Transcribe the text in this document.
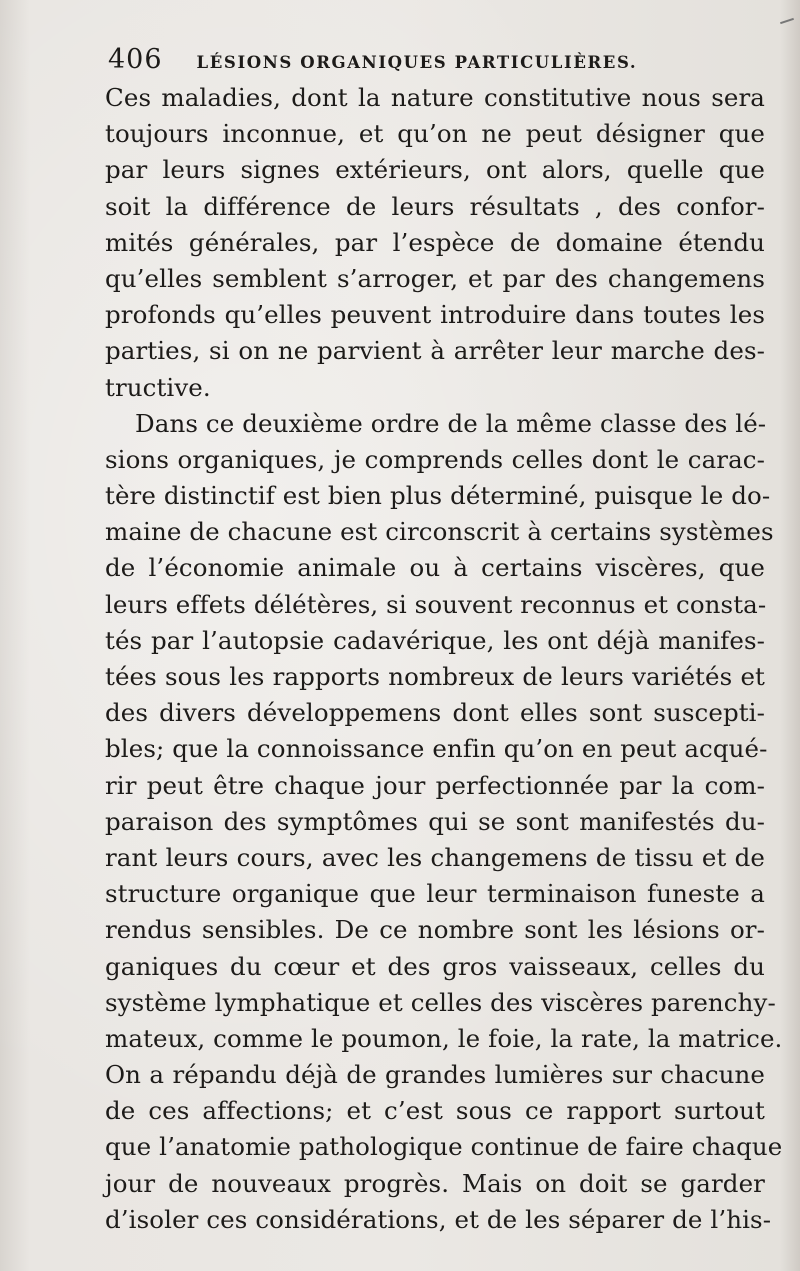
406 LÉSIONS ORGANIQUES PARTICULIÈRES.
Ces maladies, dont la nature constitutive nous sera
toujours inconnue, et qu’on ne peut désigner que
par leurs signes extérieurs, ont alors, quelle que
soit la différence de leurs résultats , des confor-
mités générales, par l’espèce de domaine étendu
qu’elles semblent s’arroger, et par des changemens
profonds qu’elles peuvent introduire dans toutes les
parties, si on ne parvient à arrêter leur marche des-
tructive.
Dans ce deuxième ordre de la même classe des lé-
sions organiques, je comprends celles dont le carac-
tère distinctif est bien plus déterminé, puisque le do-
maine de chacune est circonscrit à certains systèmes
de l’économie animale ou à certains viscères, que
leurs effets délétères, si souvent reconnus et consta-
tés par l’autopsie cadavérique, les ont déjà manifes-
tées sous les rapports nombreux de leurs variétés et
des divers développemens dont elles sont suscepti-
bles; que la connoissance enfin qu’on en peut acqué-
rir peut être chaque jour perfectionnée par la com-
paraison des symptômes qui se sont manifestés du-
rant leurs cours, avec les changemens de tissu et de
structure organique que leur terminaison funeste a
rendus sensibles. De ce nombre sont les lésions or-
ganiques du cœur et des gros vaisseaux, celles du
système lymphatique et celles des viscères parenchy-
mateux, comme le poumon, le foie, la rate, la matrice.
On a répandu déjà de grandes lumières sur chacune
de ces affections; et c’est sous ce rapport surtout
que l’anatomie pathologique continue de faire chaque
jour de nouveaux progrès. Mais on doit se garder
d’isoler ces considérations, et de les séparer de l’his-
